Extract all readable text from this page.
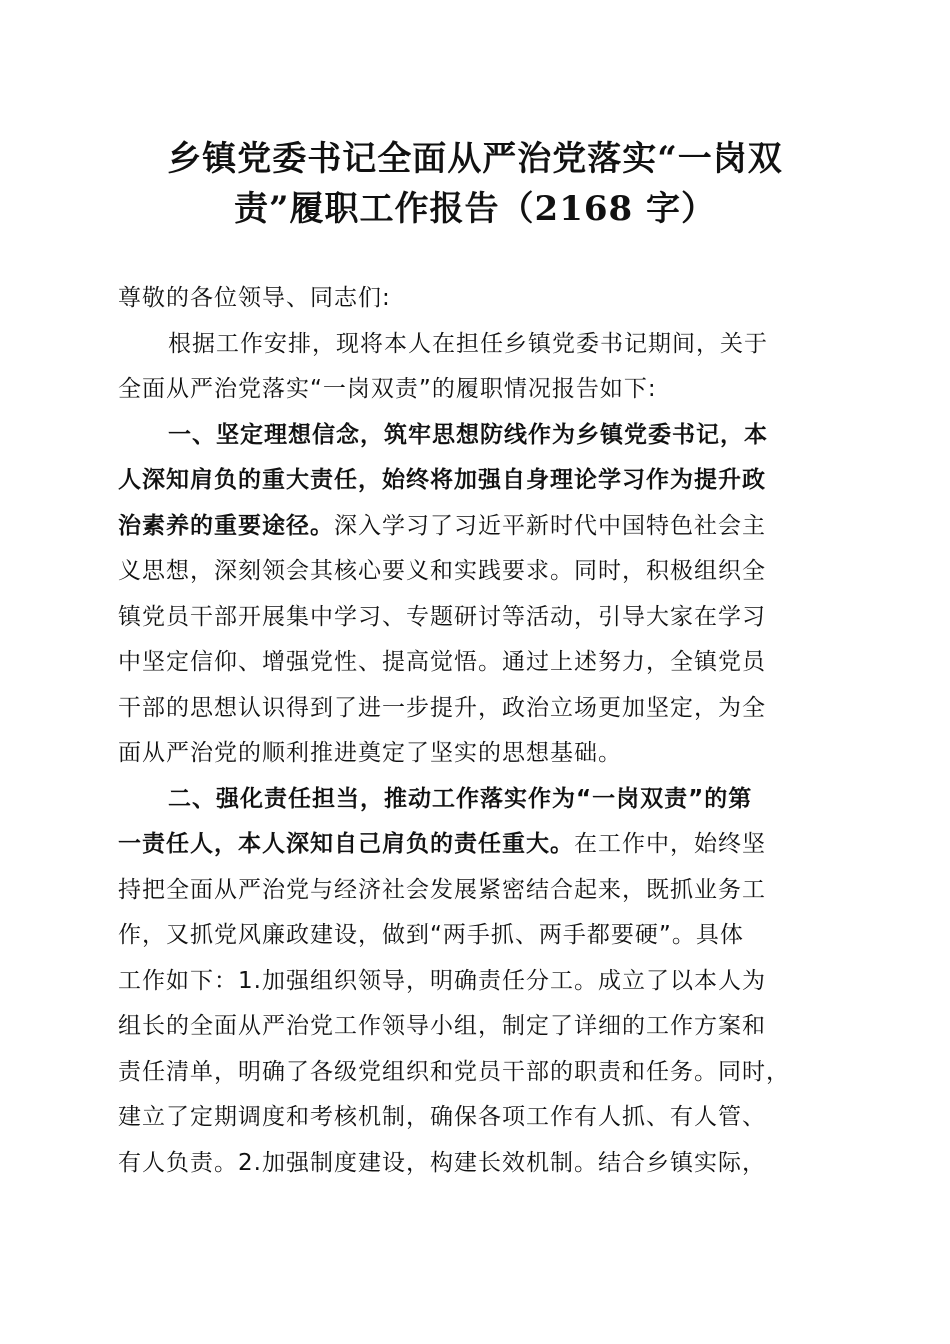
乡镇党委书记全面从严治党落实“一岗双
责”履职工作报告（2168 字）
尊敬的各位领导、同志们:
根据工作安排，现将本人在担任乡镇党委书记期间，关于
全面从严治党落实“一岗双责”的履职情况报告如下:
一、坚定理想信念，筑牢思想防线作为乡镇党委书记，本
人深知肩负的重大责任，始终将加强自身理论学习作为提升政
治素养的重要途径。深入学习了习近平新时代中国特色社会主
义思想，深刻领会其核心要义和实践要求。同时，积极组织全
镇党员干部开展集中学习、专题研讨等活动，引导大家在学习
中坚定信仰、增强党性、提高觉悟。通过上述努力，全镇党员
干部的思想认识得到了进一步提升，政治立场更加坚定，为全
面从严治党的顺利推进奠定了坚实的思想基础。
二、强化责任担当，推动工作落实作为“一岗双责”的第
一责任人，本人深知自己肩负的责任重大。在工作中，始终坚
持把全面从严治党与经济社会发展紧密结合起来，既抓业务工
作，又抓党风廉政建设，做到“两手抓、两手都要硬”。具体
工作如下：1.加强组织领导，明确责任分工。成立了以本人为
组长的全面从严治党工作领导小组，制定了详细的工作方案和
责任清单，明确了各级党组织和党员干部的职责和任务。同时，
建立了定期调度和考核机制，确保各项工作有人抓、有人管、
有人负责。2.加强制度建设，构建长效机制。结合乡镇实际，
